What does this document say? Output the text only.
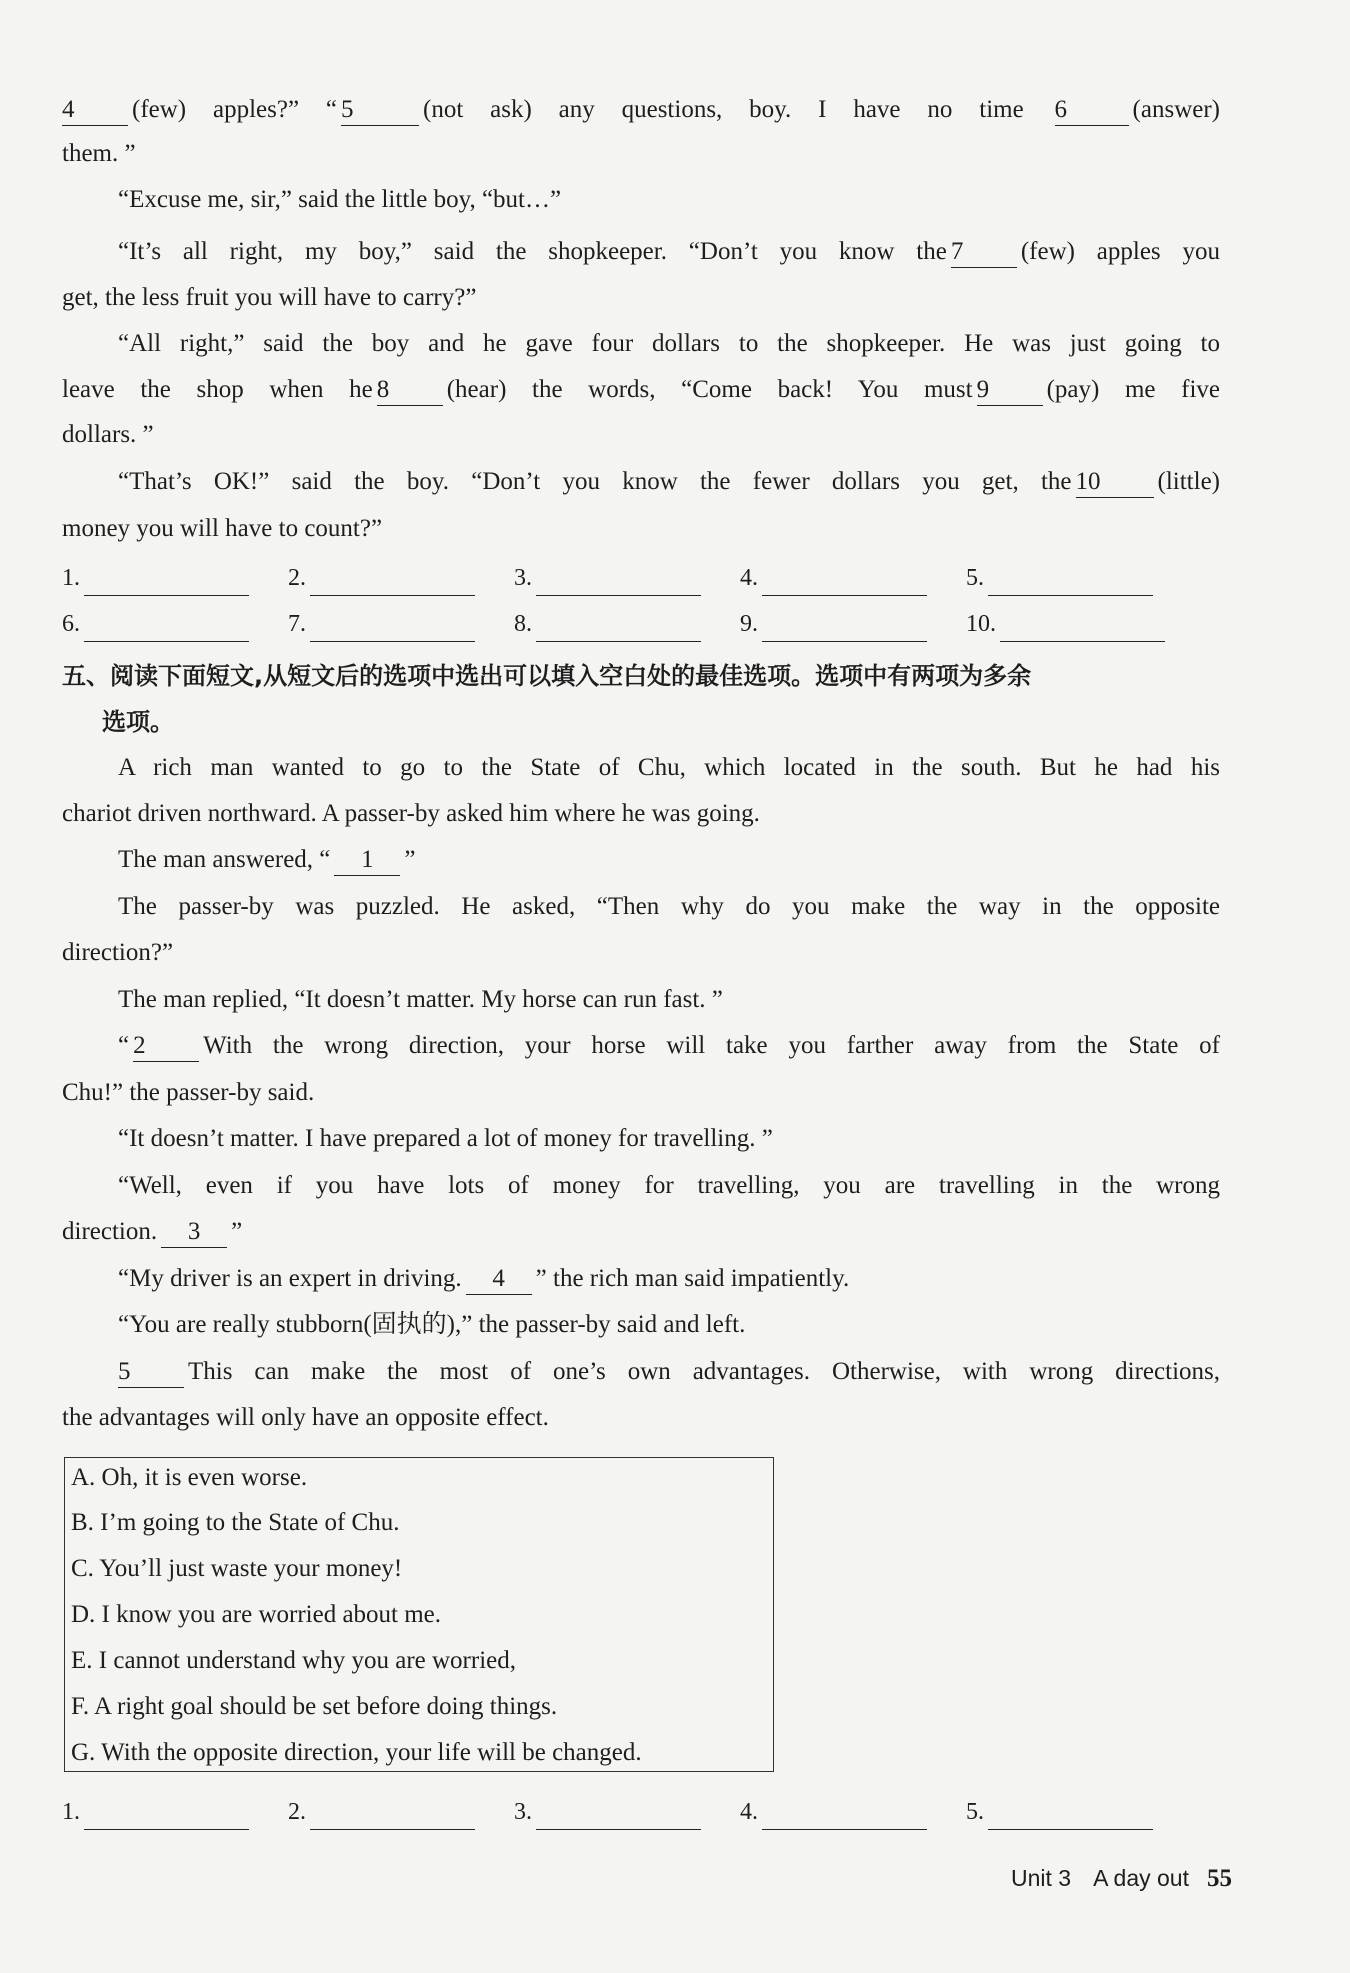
4 (few) apples?” “ 5	(not ask) any questions, boy. I have no time 6	(answer)
them. ”
“Excuse me, sir,” said the little boy, “but…”
“It’s all right, my boy,” said the shopkeeper. “Don’t you know the 7 (few) apples you
get, the less fruit you will have to carry?”
“All right,” said the boy and he gave four dollars to the shopkeeper. He was just going to
leave the shop when he 8 (hear) the words, “Come back! You must 9 (pay) me five
dollars. ”
“That’s OK!” said the boy. “Don’t you know the fewer dollars you get, the 10 (little)
money you will have to count?”
1.	2.	3.	4.	5.
6.	7.	8.	9.	10.
五、阅读下面短文,从短文后的选项中选出可以填入空白处的最佳选项。选项中有两项为多余
选项。
A rich man wanted to go to the State of Chu, which located in the south. But he had his
chariot driven northward. A passer-by asked him where he was going.
The man answered, “ 1 ”
The passer-by was puzzled. He asked, “Then why do you make the way in the opposite
direction?”
The man replied, “It doesn’t matter. My horse can run fast. ”
“ 2 With the wrong direction, your horse will take you farther away from the State of
Chu!” the passer-by said.
“It doesn’t matter. I have prepared a lot of money for travelling. ”
“Well, even if you have lots of money for travelling, you are travelling in the wrong
direction. 3 ”
“My driver is an expert in driving. 4 ” the rich man said impatiently.
“You are really stubborn(固执的),” the passer-by said and left.
5 This can make the most of one’s own advantages. Otherwise, with wrong directions,
the advantages will only have an opposite effect.
A. Oh, it is even worse.
B. I’m going to the State of Chu.
C. You’ll just waste your money!
D. I know you are worried about me.
E. I cannot understand why you are worried,
F. A right goal should be set before doing things.
G. With the opposite direction, your life will be changed.
1.	2.	3.	4.	5.
Unit 3 A day out 55
